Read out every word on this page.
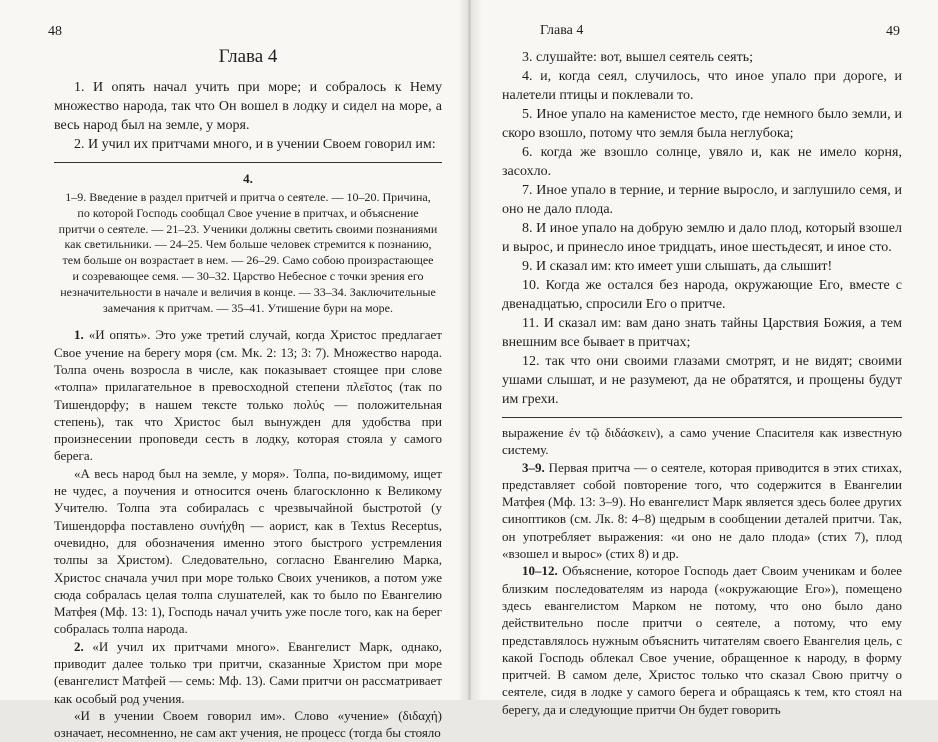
48
Глава 4

1. И опять начал учить при море; и собралось к Нему множество народа, так что Он вошел в лодку и сидел на море, а весь народ был на земле, у моря.

2. И учил их притчами много, и в учении Своем говорил им:

4.
1–9. Введение в раздел притчей и притча о сеятеле. — 10–20. Причина, по которой Господь сообщал Свое учение в притчах, и объяснение притчи о сеятеле. — 21–23. Ученики должны светить своими познаниями как светильники. — 24–25. Чем больше человек стремится к познанию, тем больше он возрастает в нем. — 26–29. Само собою произрастающее и созревающее семя. — 30–32. Царство Небесное с точки зрения его незначительности в начале и величия в конце. — 33–34. Заключительные замечания к притчам. — 35–41. Утишение бури на море.

1. «И опять». Это уже третий случай, когда Христос предлагает Свое учение на берегу моря (см. Мк. 2: 13; 3: 7). Множество народа. Толпа очень возросла в числе, как показывает стоящее при слове «толпа» прилагательное в превосходной степени πλεῖστος (так по Тишендорфу; в нашем тексте только πολύς — положительная степень), так что Христос был вынужден для удобства при произнесении проповеди сесть в лодку, которая стояла у самого берега.

«А весь народ был на земле, у моря». Толпа, по-видимому, ищет не чудес, а поучения и относится очень благосклонно к Великому Учителю. Толпа эта собиралась с чрезвычайной быстротой (у Тишендорфа поставлено συνήχθη — аорист, как в Textus Receptus, очевидно, для обозначения именно этого быстрого устремления толпы за Христом). Следовательно, согласно Евангелию Марка, Христос сначала учил при море только Своих учеников, а потом уже сюда собралась целая толпа слушателей, как то было по Евангелию Матфея (Мф. 13: 1), Господь начал учить уже после того, как на берег собралась толпа народа.

2. «И учил их притчами много». Евангелист Марк, однако, приводит далее только три притчи, сказанные Христом при море (евангелист Матфей — семь: Мф. 13). Сами притчи он рассматривает как особый род учения.

«И в учении Своем говорил им». Слово «учение» (διδαχή) означает, несомненно, не сам акт учения, не процесс (тогда бы стояло

Глава 4	49

3. слушайте: вот, вышел сеятель сеять;

4. и, когда сеял, случилось, что иное упало при дороге, и налетели птицы и поклевали то.

5. Иное упало на каменистое место, где немного было земли, и скоро взошло, потому что земля была неглубока;

6. когда же взошло солнце, увяло и, как не имело корня, засохло.

7. Иное упало в терние, и терние выросло, и заглушило семя, и оно не дало плода.

8. И иное упало на добрую землю и дало плод, который взошел и вырос, и принесло иное тридцать, иное шестьдесят, и иное сто.

9. И сказал им: кто имеет уши слышать, да слышит!

10. Когда же остался без народа, окружающие Его, вместе с двенадцатью, спросили Его о притче.

11. И сказал им: вам дано знать тайны Царствия Божия, а тем внешним все бывает в притчах;

12. так что они своими глазами смотрят, и не видят; своими ушами слышат, и не разумеют, да не обратятся, и прощены будут им грехи.

выражение ἐν τῷ διδάσκειν), а само учение Спасителя как известную систему.

3–9. Первая притча — о сеятеле, которая приводится в этих стихах, представляет собой повторение того, что содержится в Евангелии Матфея (Мф. 13: 3–9). Но евангелист Марк является здесь более других синоптиков (см. Лк. 8: 4–8) щедрым в сообщении деталей притчи. Так, он употребляет выражения: «и оно не дало плода» (стих 7), плод «взошел и вырос» (стих 8) и др.

10–12. Объяснение, которое Господь дает Своим ученикам и более близким последователям из народа («окружающие Его»), помещено здесь евангелистом Марком не потому, что оно было дано действительно после притчи о сеятеле, а потому, что ему представлялось нужным объяснить читателям своего Евангелия цель, с какой Господь облекал Свое учение, обращенное к народу, в форму притчей. В самом деле, Христос только что сказал Свою притчу о сеятеле, сидя в лодке у самого берега и обращаясь к тем, кто стоял на берегу, да и следующие притчи Он будет говорить
